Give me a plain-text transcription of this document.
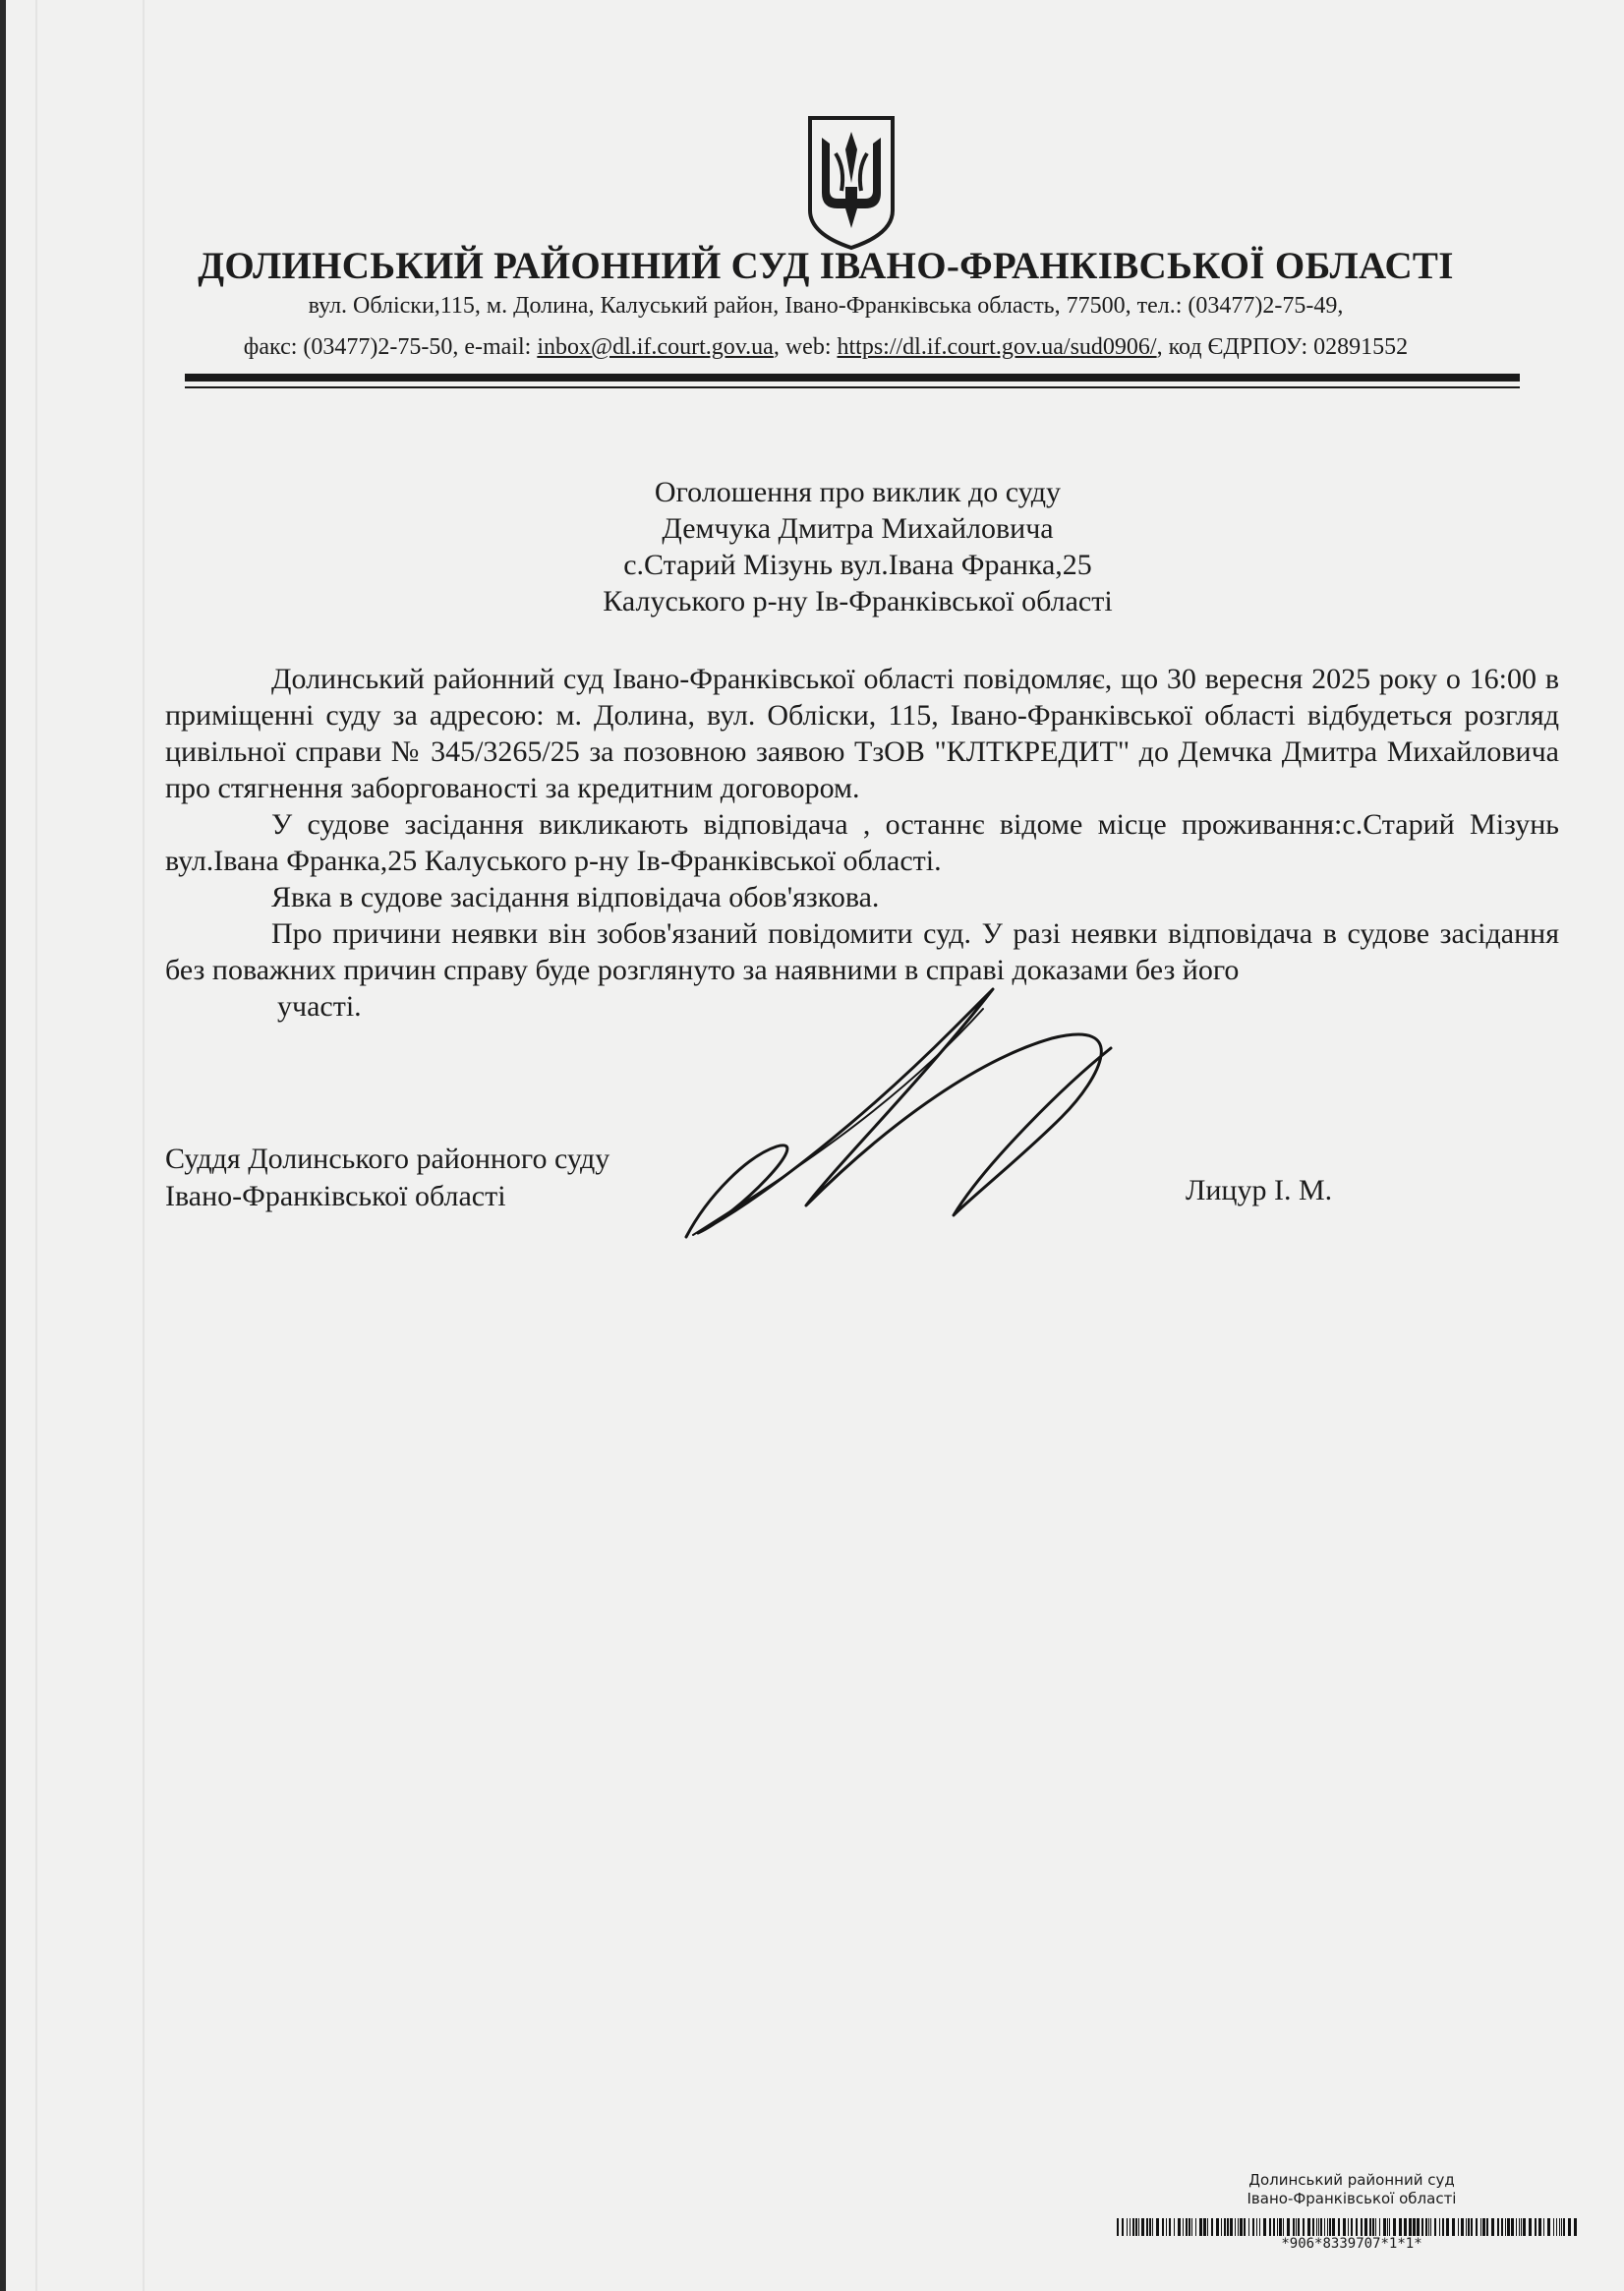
ДОЛИНСЬКИЙ РАЙОННИЙ СУД ІВАНО-ФРАНКІВСЬКОЇ ОБЛАСТІ
вул. Обліски,115, м. Долина, Калуський район, Івано-Франківська область, 77500, тел.: (03477)2-75-49,
факс: (03477)2-75-50, e-mail: inbox@dl.if.court.gov.ua, web: https://dl.if.court.gov.ua/sud0906/, код ЄДРПОУ: 02891552
Оголошення про виклик до суду
Демчука Дмитра Михайловича
с.Старий Мізунь вул.Івана Франка,25
Калуського р-ну Ів-Франківської області

Долинський районний суд Івано-Франківської області повідомляє, що 30 вересня 2025 року о 16:00 в приміщенні суду за адресою: м. Долина, вул. Обліски, 115, Івано-Франківської області відбудеться розгляд цивільної справи № 345/3265/25 за позовною заявою ТзОВ "КЛТКРЕДИТ" до Демчка Дмитра Михайловича про стягнення заборгованості за кредитним договором.

У судове засідання викликають відповідача , останнє відоме місце проживання:с.Старий Мізунь вул.Івана Франка,25 Калуського р-ну Ів-Франківської області.

Явка в судове засідання відповідача обов'язкова.

Про причини неявки він зобов'язаний повідомити суд. У разі неявки відповідача в судове засідання без поважних причин справу буде розглянуто за наявними в справі доказами без його

участі.

Суддя Долинського районного суду
Івано-Франківської області	Лицур І. М.
Долинський районний суд
Івано-Франківської області
*906*8339707*1*1*
